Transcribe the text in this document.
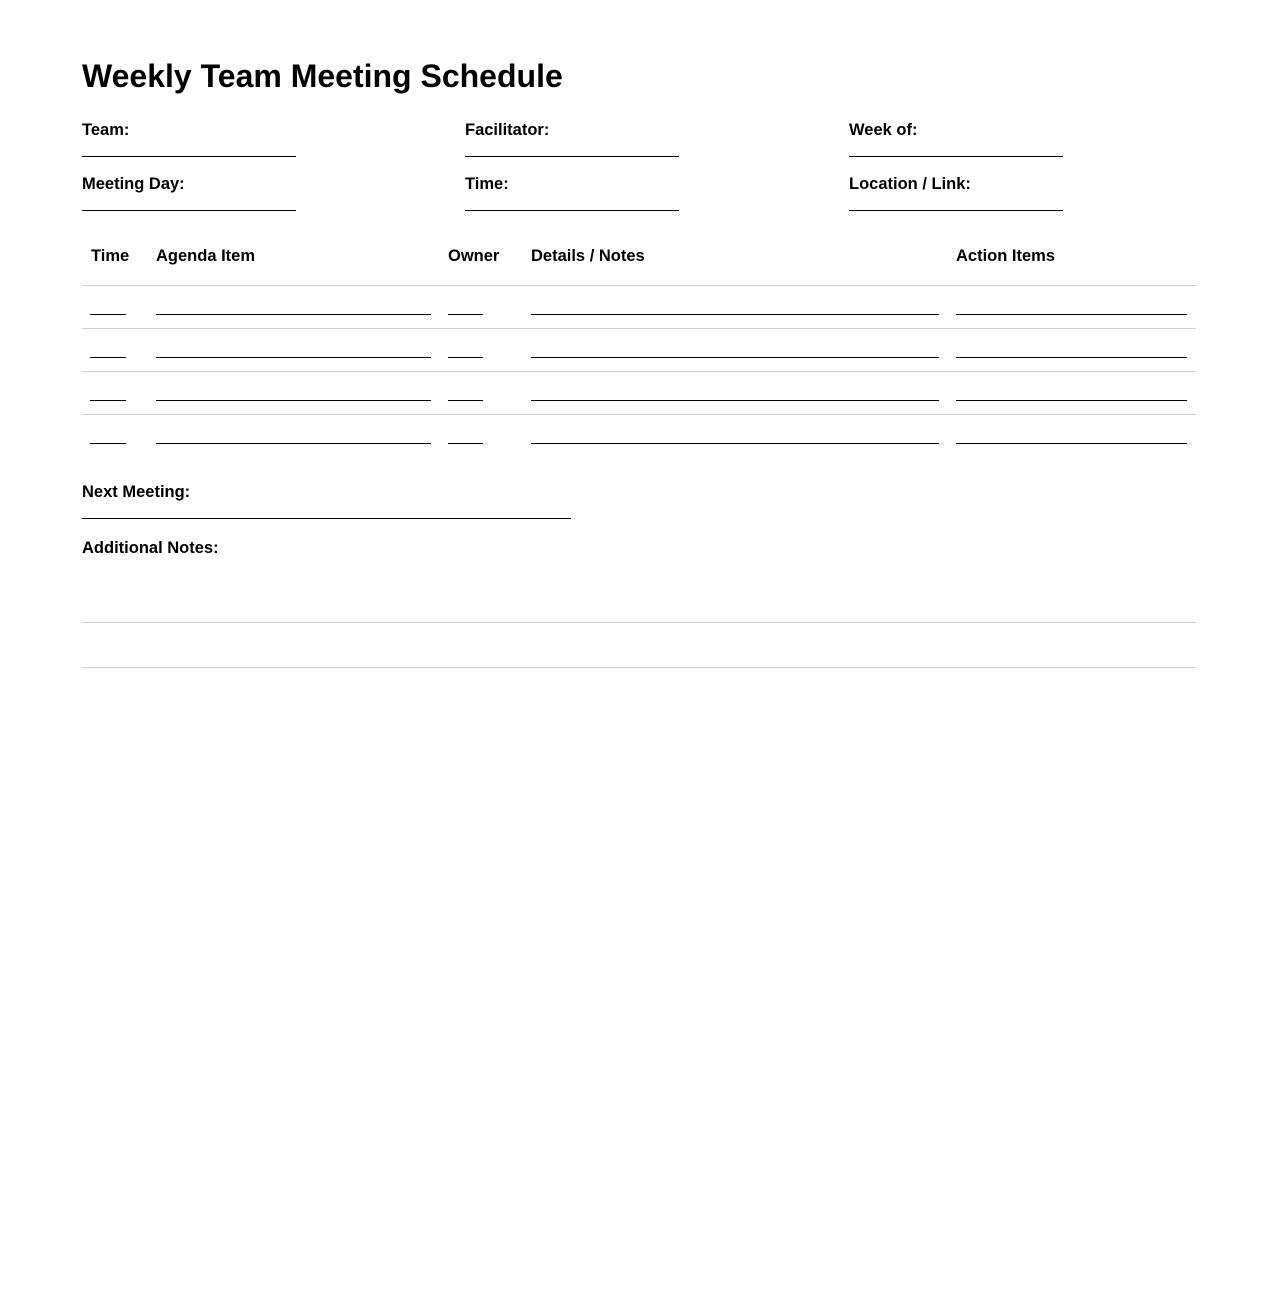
Weekly Team Meeting Schedule
Team:	Facilitator:	Week of:
Meeting Day:	Time:	Location / Link:
Time	Agenda Item	Owner	Details / Notes	Action Items

Next Meeting:
Additional Notes:
